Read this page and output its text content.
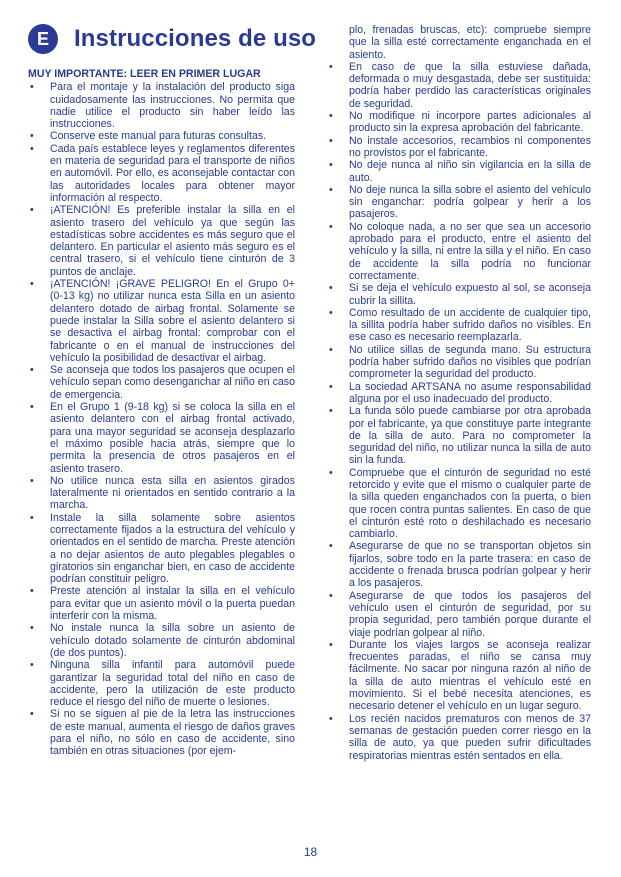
E	Instrucciones de uso
MUY IMPORTANTE: LEER EN PRIMER LUGAR
• Para el montaje y la instalación del producto siga cuidadosamente las instrucciones. No permita que nadie utilice el producto sin haber leído las instrucciones.
• Conserve este manual para futuras consultas.
• Cada país establece leyes y reglamentos diferentes en materia de seguridad para el transporte de niños en automóvil. Por ello, es aconsejable contactar con las autoridades locales para obtener mayor información al respecto.
• ¡ATENCIÓN! Es preferible instalar la silla en el asiento trasero del vehículo ya que según las estadísticas sobre accidentes es más seguro que el delantero. En particular el asiento más seguro es el central trasero, si el vehículo tiene cinturón de 3 puntos de anclaje.
• ¡ATENCIÓN! ¡GRAVE PELIGRO! En el Grupo 0+ (0-13 kg) no utilizar nunca esta Silla en un asiento delantero dotado de airbag frontal. Solamente se puede instalar la Silla sobre el asiento delantero si se desactiva el airbag frontal: comprobar con el fabricante o en el manual de instrucciones del vehículo la posibilidad de desactivar el airbag.
• Se aconseja que todos los pasajeros que ocupen el vehículo sepan como desenganchar al niño en caso de emergencia.
• En el Grupo 1 (9-18 kg) si se coloca la silla en el asiento delantero con el airbag frontal activado, para una mayor seguridad se aconseja desplazarlo el máximo posible hacia atrás, siempre que lo permita la presencia de otros pasajeros en el asiento trasero.
• No utilice nunca esta silla en asientos girados lateralmente ni orientados en sentido contrario a la marcha.
• Instale la silla solamente sobre asientos correctamente fijados a la estructura del vehículo y orientados en el sentido de marcha. Preste atención a no dejar asientos de auto plegables plegables o giratorios sin enganchar bien, en caso de accidente podrían constituir peligro.
• Preste atención al instalar la silla en el vehículo para evitar que un asiento móvil o la puerta puedan interferir con la misma.
• No instale nunca la silla sobre un asiento de vehículo dotado solamente de cinturón abdominal (de dos puntos).
• Ninguna silla infantil para automóvil puede garantizar la seguridad total del niño en caso de accidente, pero la utilización de este producto reduce el riesgo del niño de muerte o lesiones.
• Si no se siguen al pie de la letra las instrucciones de este manual, aumenta el riesgo de daños graves para el niño, no sólo en caso de accidente, sino también en otras situaciones (por ejem-
plo, frenadas bruscas, etc): compruebe siempre que la silla esté correctamente enganchada en el asiento.
• En caso de que la silla estuviese dañada, deformada o muy desgastada, debe ser sustituida: podría haber perdido las características originales de seguridad.
• No modifique ni incorpore partes adicionales al producto sin la expresa aprobación del fabricante.
• No instale accesorios, recambios ni componentes no provistos por el fabricante.
• No deje nunca al niño sin vigilancia en la silla de auto.
• No deje nunca la silla sobre el asiento del vehículo sin enganchar: podría golpear y herir a los pasajeros.
• No coloque nada, a no ser que sea un accesorio aprobado para el producto, entre el asiento del vehículo y la silla, ni entre la silla y el niño. En caso de accidente la silla podría no funcionar correctamente.
• Si se deja el vehículo expuesto al sol, se aconseja cubrir la sillita.
• Como resultado de un accidente de cualquier tipo, la sillita podría haber sufrido daños no visibles. En ese caso es necesario reemplazarla.
• No utilice sillas de segunda mano. Su estructura podría haber sufrido daños no visibles que podrían comprometer la seguridad del producto.
• La sociedad ARTSANA no asume responsabilidad alguna por el uso inadecuado del producto.
• La funda sólo puede cambiarse por otra aprobada por el fabricante, ya que constituye parte integrante de la silla de auto. Para no comprometer la seguridad del niño, no utilizar nunca la silla de auto sin la funda.
• Compruebe que el cinturón de seguridad no esté retorcido y evite que el mismo o cualquier parte de la silla queden enganchados con la puerta, o bien que rocen contra puntas salientes. En caso de que el cinturón esté roto o deshilachado es necesario cambiarlo.
• Asegurarse de que no se transportan objetos sin fijarlos, sobre todo en la parte trasera: en caso de accidente o frenada brusca podrían golpear y herir a los pasajeros.
• Asegurarse de que todos los pasajeros del vehículo usen el cinturón de seguridad, por su propia seguridad, pero también porque durante el viaje podrían golpear al niño.
• Durante los viajes largos se aconseja realizar frecuentes paradas, el niño se cansa muy fácilmente. No sacar por ninguna razón al niño de la silla de auto mientras el vehículo esté en movimiento. Si el bebé necesita atenciones, es necesario detener el vehículo en un lugar seguro.
• Los recién nacidos prematuros con menos de 37 semanas de gestación pueden correr riesgo en la silla de auto, ya que pueden sufrir dificultades respiratorias mientras estén sentados en ella.
18
